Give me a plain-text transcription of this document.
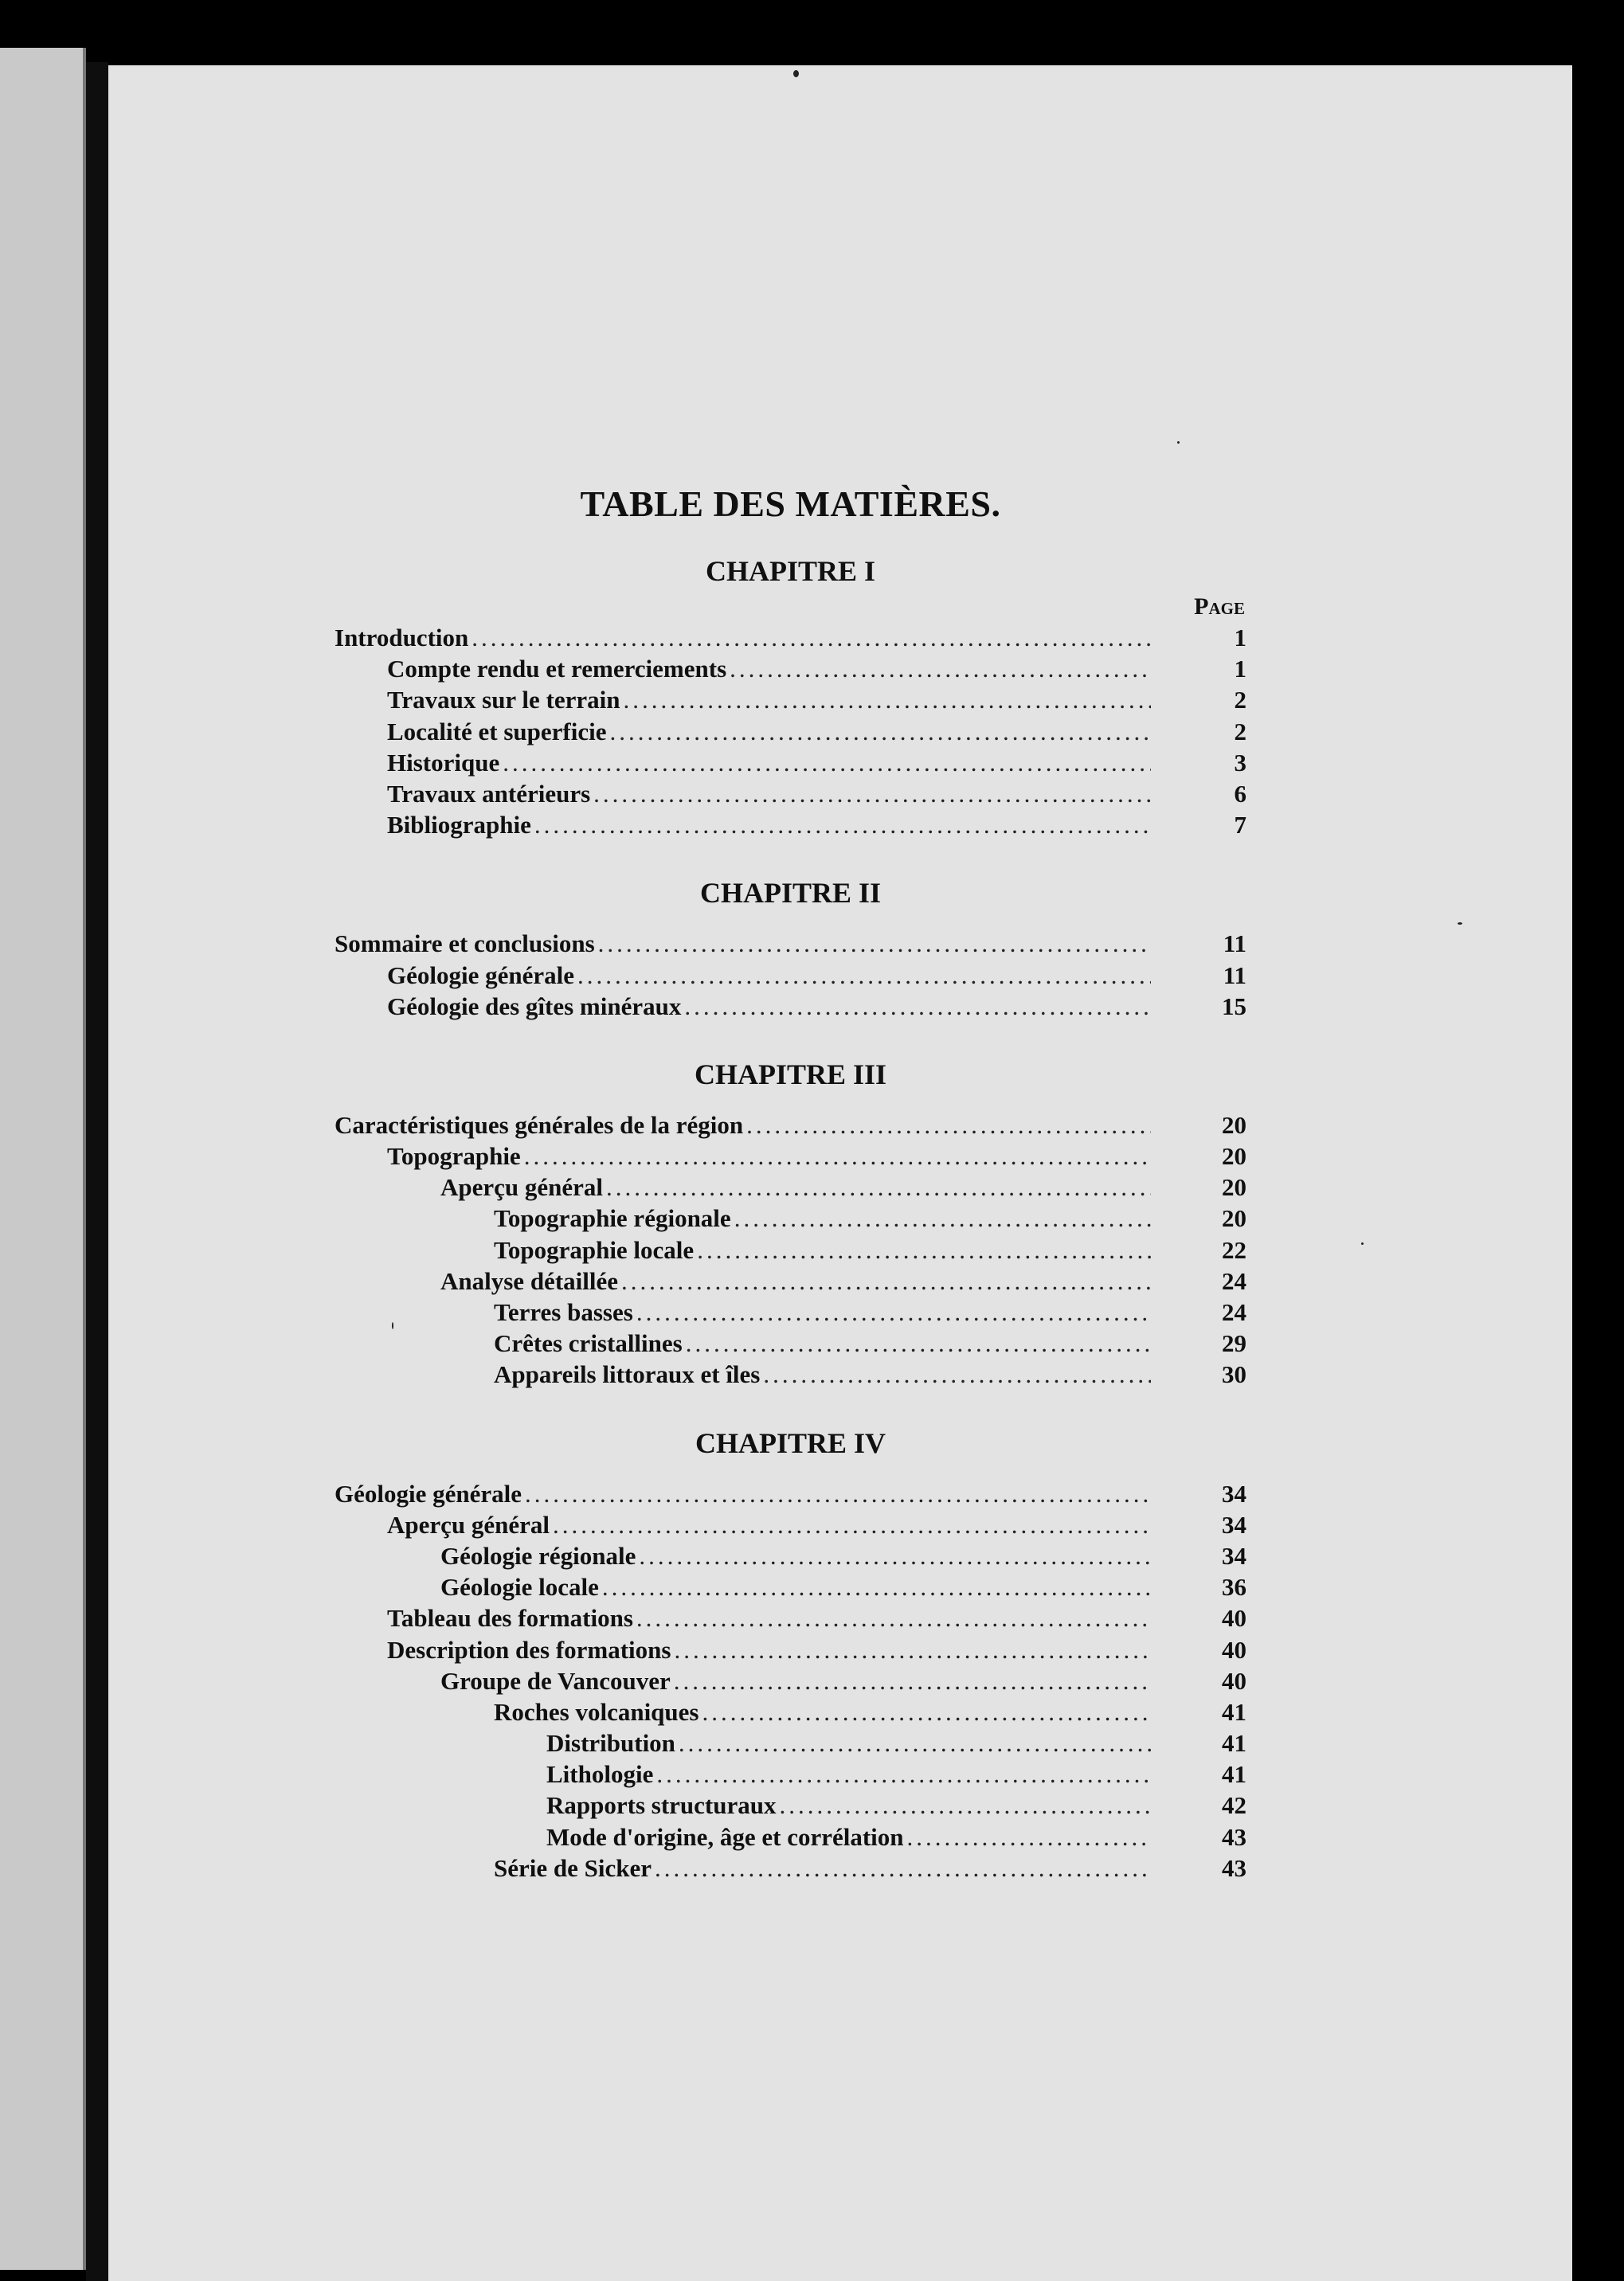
TABLE DES MATIÈRES.
CHAPITRE I
Page
Introduction .....	1
Compte rendu et remerciements .....	1
Travaux sur le terrain .....	2
Localité et superficie .....	2
Historique .....	3
Travaux antérieurs .....	6
Bibliographie .....	7
CHAPITRE II
Sommaire et conclusions .....	11
Géologie générale .....	11
Géologie des gîtes minéraux .....	15
CHAPITRE III
Caractéristiques générales de la région .....	20
Topographie .....	20
Aperçu général .....	20
Topographie régionale .....	20
Topographie locale .....	22
Analyse détaillée .....	24
Terres basses .....	24
Crêtes cristallines .....	29
Appareils littoraux et îles .....	30
CHAPITRE IV
Géologie générale .....	34
Aperçu général .....	34
Géologie régionale .....	34
Géologie locale .....	36
Tableau des formations .....	40
Description des formations .....	40
Groupe de Vancouver .....	40
Roches volcaniques .....	41
Distribution .....	41
Lithologie .....	41
Rapports structuraux .....	42
Mode d'origine, âge et corrélation .....	43
Série de Sicker .....	43
